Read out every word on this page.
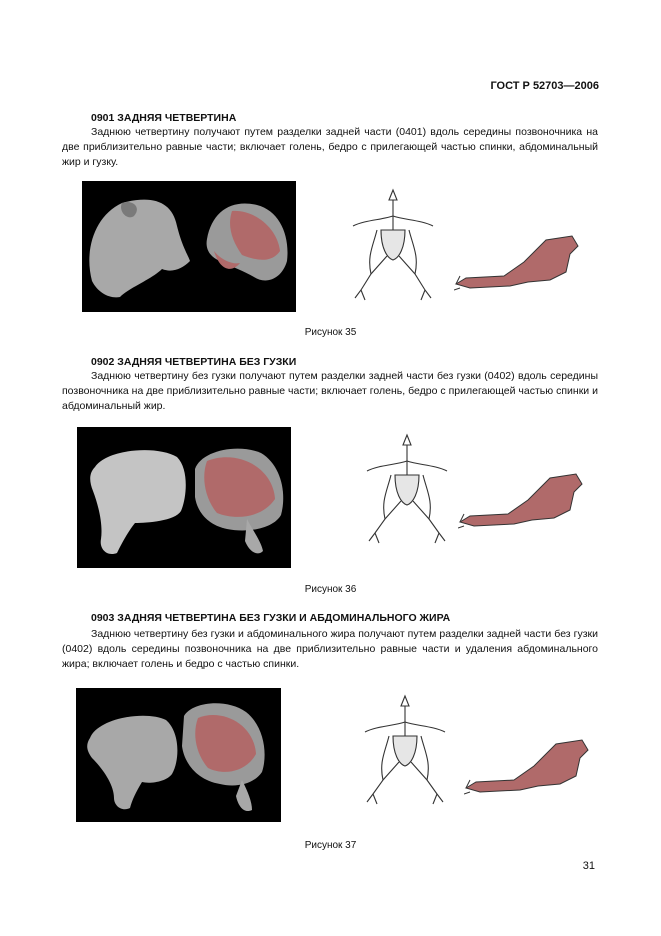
ГОСТ Р 52703—2006
0901 ЗАДНЯЯ ЧЕТВЕРТИНА

Заднюю четвертину получают путем разделки задней части (0401) вдоль середины позвоночника на две приблизительно равные части; включает голень, бедро с прилегающей частью спинки, абдоминальный жир и гузку.

Рисунок 35
0902 ЗАДНЯЯ ЧЕТВЕРТИНА БЕЗ ГУЗКИ

Заднюю четвертину без гузки получают путем разделки задней части без гузки (0402) вдоль середины позвоночника на две приблизительно равные части; включает голень, бедро с прилегающей частью спинки и абдоминальный жир.

Рисунок 36
0903 ЗАДНЯЯ ЧЕТВЕРТИНА БЕЗ ГУЗКИ И АБДОМИНАЛЬНОГО ЖИРА

Заднюю четвертину без гузки и абдоминального жира получают путем разделки задней части без гузки (0402) вдоль середины позвоночника на две приблизительно равные части и удаления абдоминального жира; включает голень и бедро с частью спинки.

Рисунок 37
31
